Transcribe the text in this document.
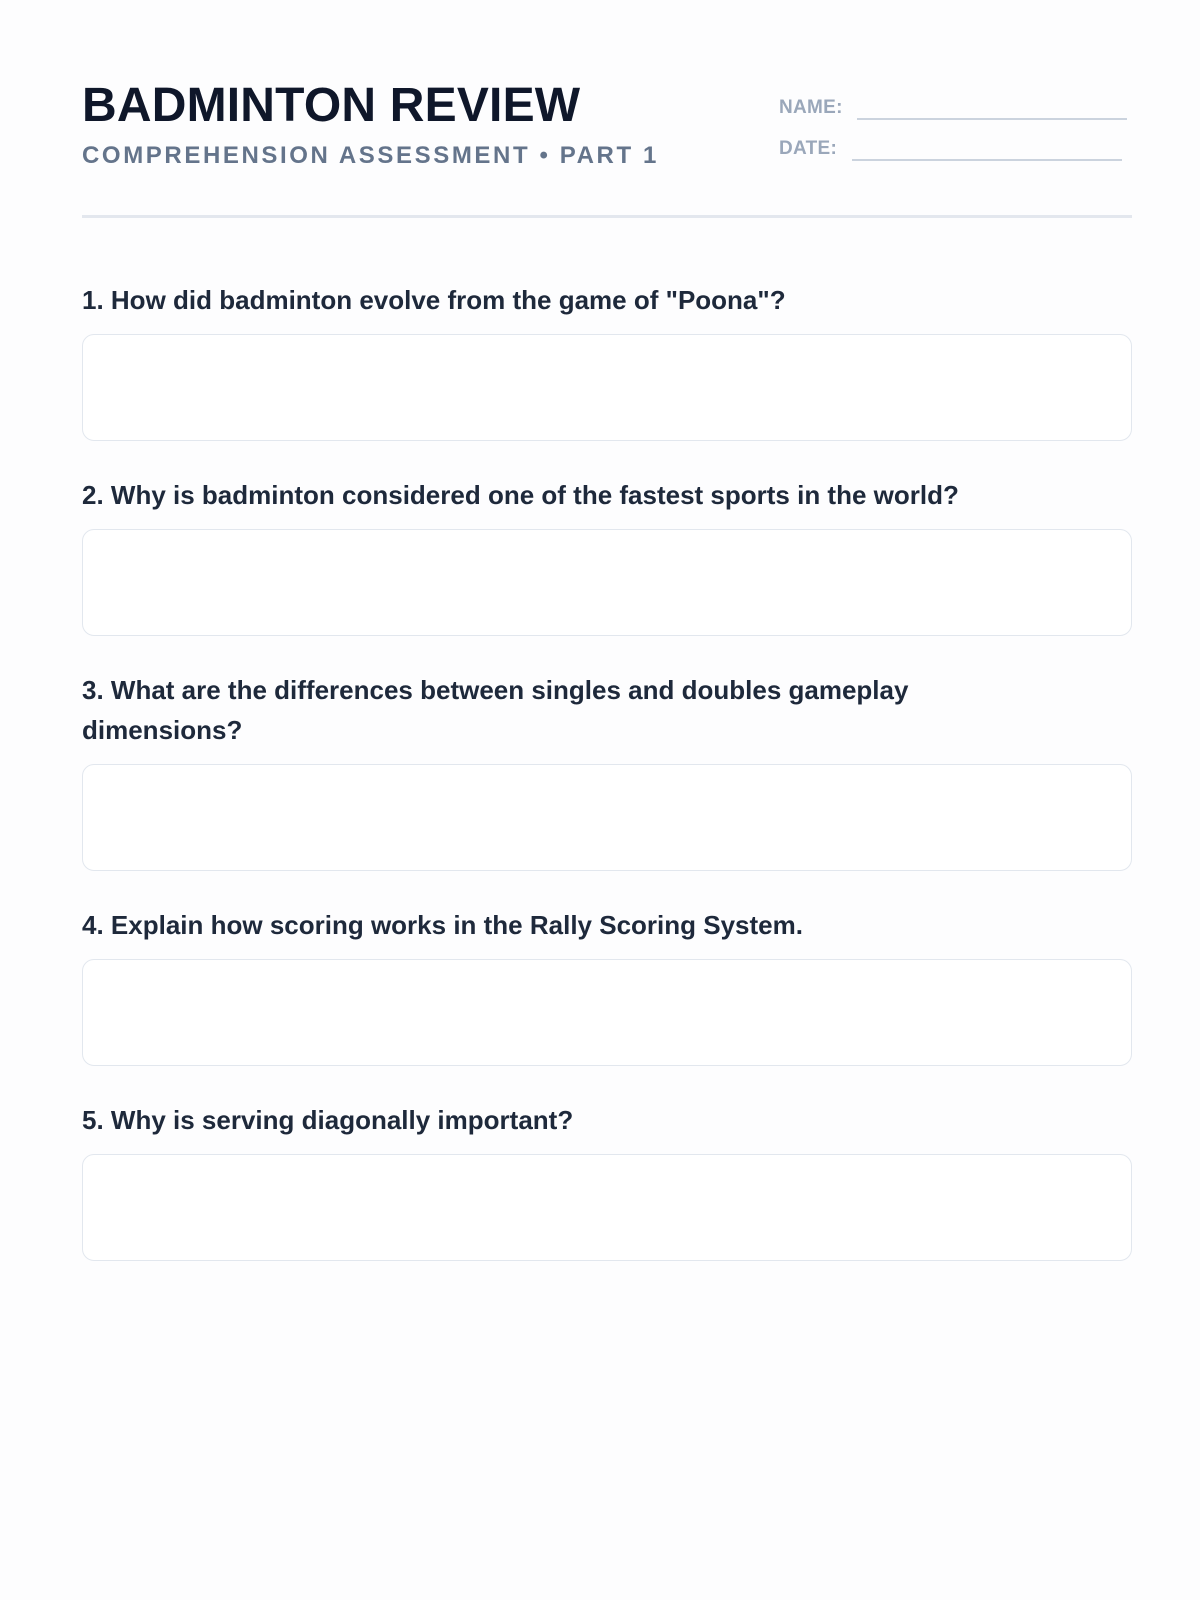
BADMINTON REVIEW
COMPREHENSION ASSESSMENT • PART 1
NAME:
DATE:

1. How did badminton evolve from the game of "Poona"?

2. Why is badminton considered one of the fastest sports in the world?

3. What are the differences between singles and doubles gameplay dimensions?

4. Explain how scoring works in the Rally Scoring System.

5. Why is serving diagonally important?
